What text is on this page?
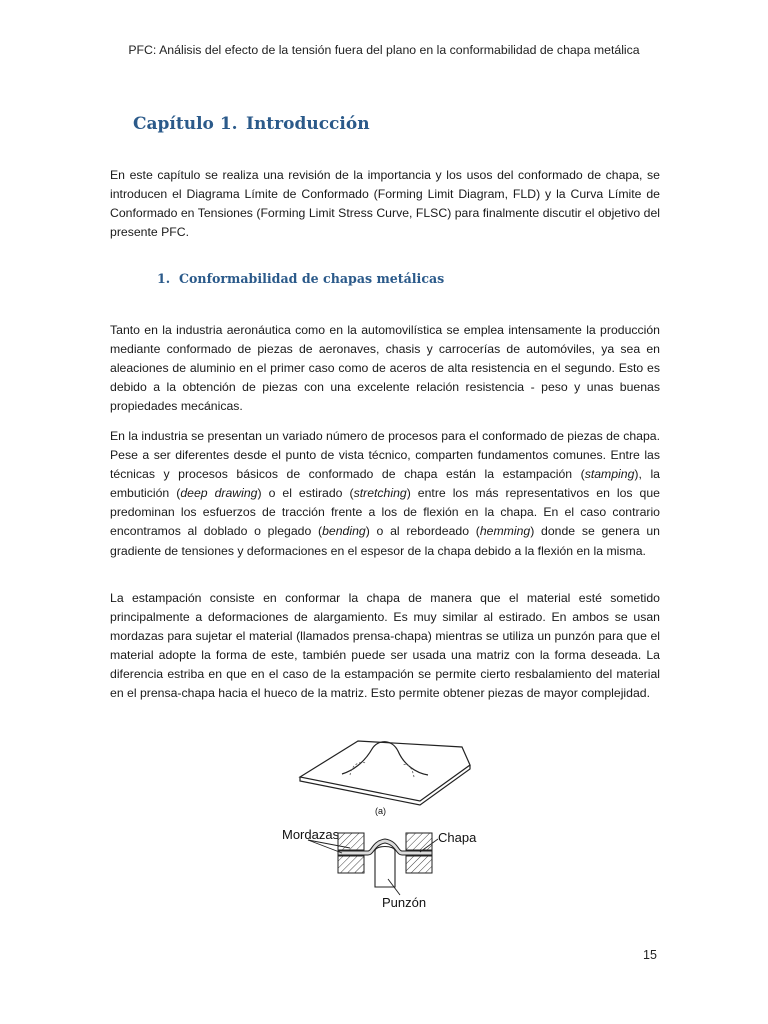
PFC: Análisis del efecto de la tensión fuera del plano en la conformabilidad de chapa metálica
Capítulo 1. Introducción

En este capítulo se realiza una revisión de la importancia y los usos del conformado de chapa, se introducen el Diagrama Límite de Conformado (Forming Limit Diagram, FLD) y la Curva Límite de Conformado en Tensiones (Forming Limit Stress Curve, FLSC) para finalmente discutir el objetivo del presente PFC.

1. Conformabilidad de chapas metálicas

Tanto en la industria aeronáutica como en la automovilística se emplea intensamente la producción mediante conformado de piezas de aeronaves, chasis y carrocerías de automóviles, ya sea en aleaciones de aluminio en el primer caso como de aceros de alta resistencia en el segundo. Esto es debido a la obtención de piezas con una excelente relación resistencia - peso y unas buenas propiedades mecánicas.

En la industria se presentan un variado número de procesos para el conformado de piezas de chapa. Pese a ser diferentes desde el punto de vista técnico, comparten fundamentos comunes. Entre las técnicas y procesos básicos de conformado de chapa están la estampación (stamping), la embutición (deep drawing) o el estirado (stretching) entre los más representativos en los que predominan los esfuerzos de tracción frente a los de flexión en la chapa. En el caso contrario encontramos al doblado o plegado (bending) o al rebordeado (hemming) donde se genera un gradiente de tensiones y deformaciones en el espesor de la chapa debido a la flexión en la misma.

La estampación consiste en conformar la chapa de manera que el material esté sometido principalmente a deformaciones de alargamiento. Es muy similar al estirado. En ambos se usan mordazas para sujetar el material (llamados prensa-chapa) mientras se utiliza un punzón para que el material adopte la forma de este, también puede ser usada una matriz con la forma deseada. La diferencia estriba en que en el caso de la estampación se permite cierto resbalamiento del material en el prensa-chapa hacia el hueco de la matriz. Esto permite obtener piezas de mayor complejidad.

(a)
Mordazas	Chapa
Punzón
15
